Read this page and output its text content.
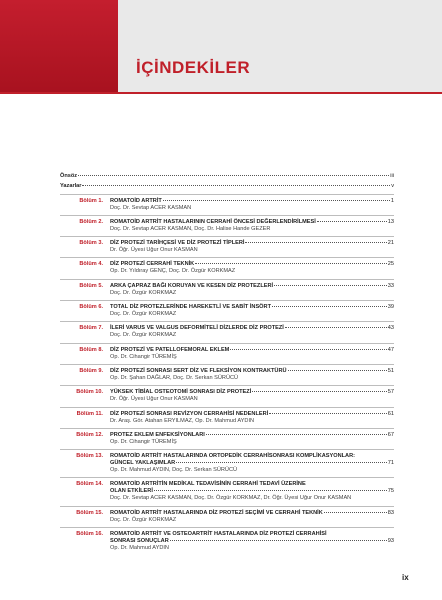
İÇİNDEKİLER
Önsöz	iii
Yazarlar	v
Bölüm 1.	ROMATOİD ARTRİT	1
Doç. Dr. Sevtap ACER KASMAN
Bölüm 2.	ROMATOİD ARTRİT HASTALARININ CERRAHİ ÖNCESİ DEĞERLENDİRİLMESİ	13
Doç. Dr. Sevtap ACER KASMAN, Doç. Dr. Halise Hande GEZER
Bölüm 3.	DİZ PROTEZİ TARİHÇESİ VE DİZ PROTEZİ TİPLERİ	21
Dr. Öğr. Üyesi Uğur Onur KASMAN
Bölüm 4.	DİZ PROTEZİ CERRAHİ TEKNİK	25
Op. Dr. Yıldıray GENÇ, Doç. Dr. Özgür KORKMAZ
Bölüm 5.	ARKA ÇAPRAZ BAĞI KORUYAN VE KESEN DİZ PROTEZLERİ	33
Doç. Dr. Özgür KORKMAZ
Bölüm 6.	TOTAL DİZ PROTEZLERİNDE HAREKETLİ VE SABİT İNSÖRT	39
Doç. Dr. Özgür KORKMAZ
Bölüm 7.	İLERİ VARUS VE VALGUS DEFORMİTELİ DİZLERDE DİZ PROTEZİ	43
Doç. Dr. Özgür KORKMAZ
Bölüm 8.	DİZ PROTEZİ VE PATELLOFEMORAL EKLEM	47
Op. Dr. Cihangir TÜREMİŞ
Bölüm 9.	DİZ PROTEZİ SONRASI SERT DİZ VE FLEKSİYON KONTRAKTÜRÜ	51
Op. Dr. Şahan DAĞLAR, Doç. Dr. Serkan SÜRÜCÜ
Bölüm 10.	YÜKSEK TİBİAL OSTEOTOMİ SONRASI DİZ PROTEZİ	57
Dr. Öğr. Üyesi Uğur Onur KASMAN
Bölüm 11.	DİZ PROTEZİ SONRASI REVİZYON CERRAHİSİ NEDENLERİ	61
Dr. Araş. Gör. Atahan ERYILMAZ, Op. Dr. Mahmud AYDIN
Bölüm 12.	PROTEZ EKLEM ENFEKSİYONLARI	67
Op. Dr. Cihangir TÜREMİŞ
Bölüm 13.	ROMATOİD ARTRİT HASTALARINDA ORTOPEDİK CERRAHİSONRASI KOMPLİKASYONLAR:
GÜNCEL YAKLAŞIMLAR	71
Op. Dr. Mahmud AYDIN, Doç. Dr. Serkan SÜRÜCÜ
Bölüm 14.	ROMATOİD ARTRİTİN MEDİKAL TEDAVİSİNİN CERRAHİ TEDAVİ ÜZERİNE
OLAN ETKİLERİ	75
Doç. Dr. Sevtap ACER KASMAN, Doç. Dr. Özgür KORKMAZ, Dr. Öğr. Üyesi Uğur Onur KASMAN
Bölüm 15.	ROMATOİD ARTRİT HASTALARINDA DİZ PROTEZİ SEÇİMİ VE CERRAHİ TEKNİK	83
Doç. Dr. Özgür KORKMAZ
Bölüm 16.	ROMATOİD ARTRİT VE OSTEOARTRİT HASTALARINDA DİZ PROTEZİ CERRAHİSİ
SONRASI SONUÇLAR	93
Op. Dr. Mahmud AYDIN
ix
